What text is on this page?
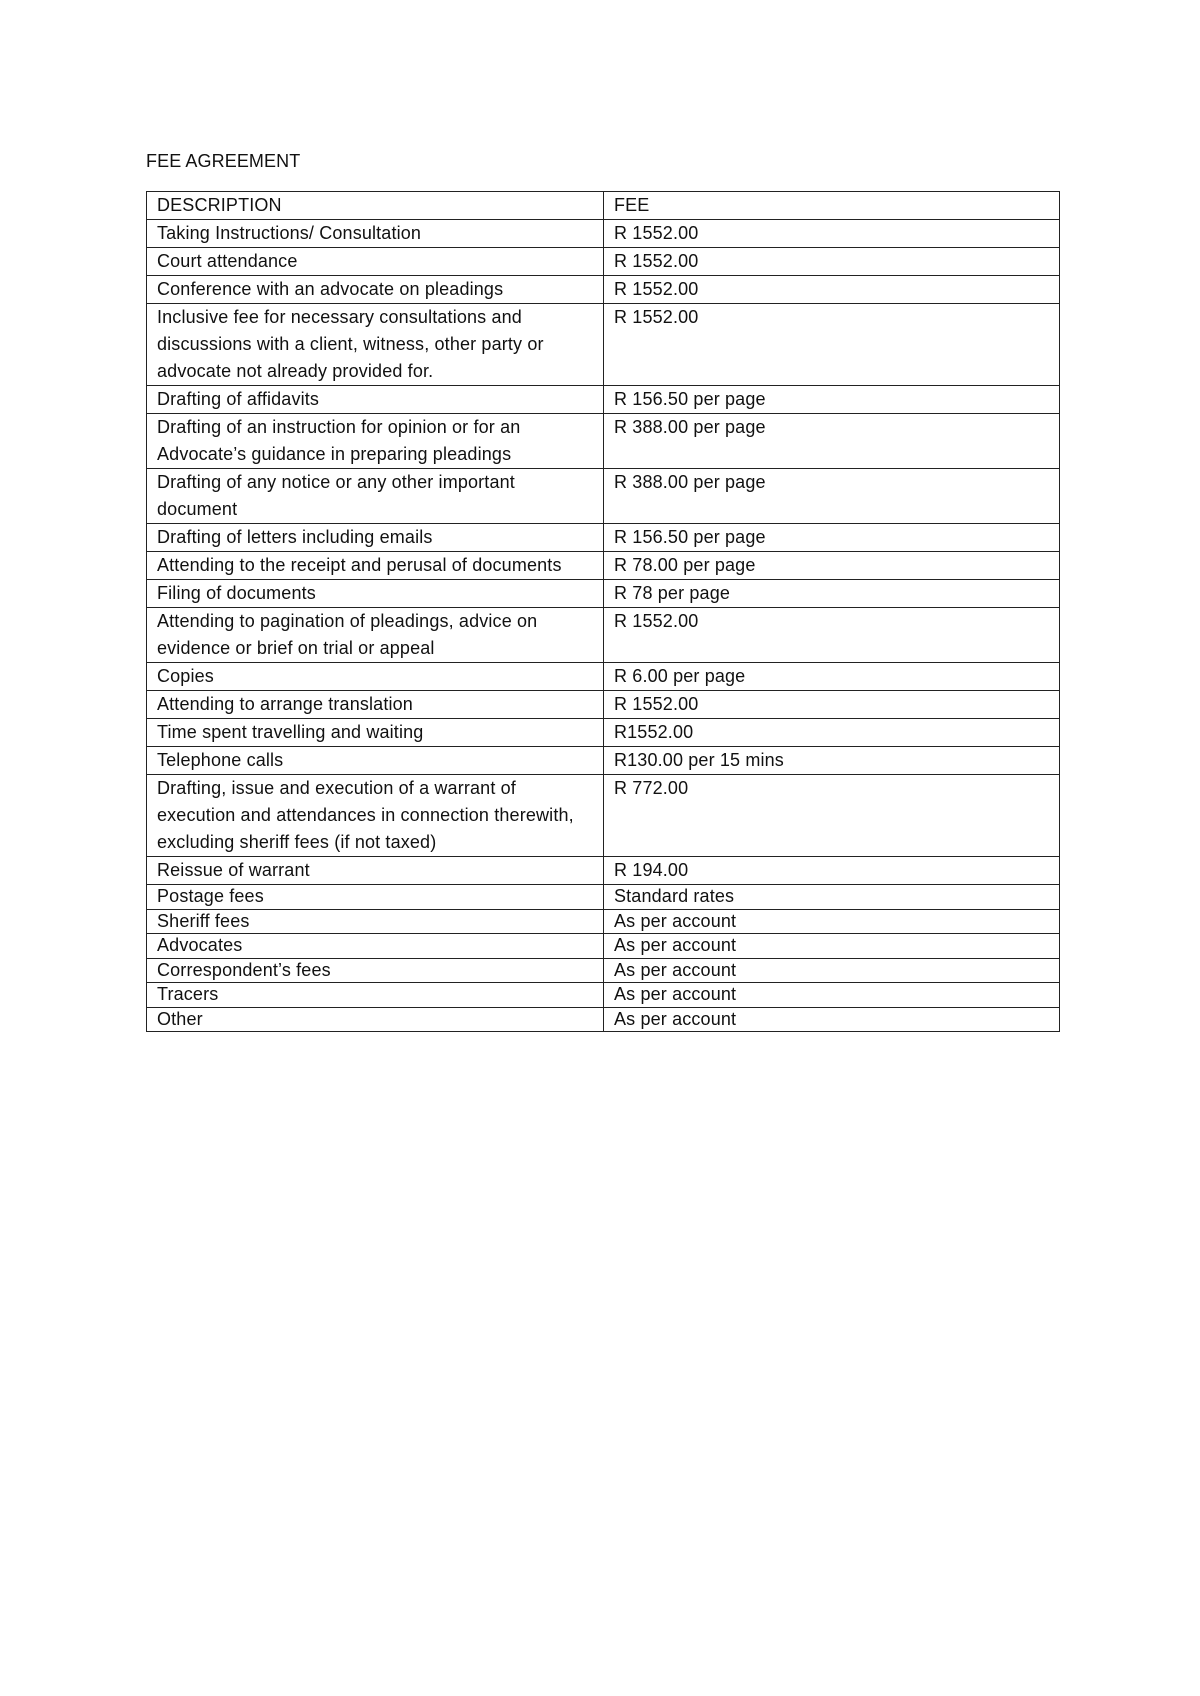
FEE AGREEMENT
DESCRIPTION	FEE
Taking Instructions/ Consultation	R 1552.00
Court attendance	R 1552.00
Conference with an advocate on pleadings	R 1552.00
Inclusive fee for necessary consultations and discussions with a client, witness, other party or advocate not already provided for.	R 1552.00
Drafting of affidavits	R 156.50 per page
Drafting of an instruction for opinion or for an Advocate’s guidance in preparing pleadings	R 388.00 per page
Drafting of any notice or any other important document	R 388.00 per page
Drafting of letters including emails	R 156.50 per page
Attending to the receipt and perusal of documents	R 78.00 per page
Filing of documents	R 78 per page
Attending to pagination of pleadings, advice on evidence or brief on trial or appeal	R 1552.00
Copies	R 6.00 per page
Attending to arrange translation	R 1552.00
Time spent travelling and waiting	R1552.00
Telephone calls	R130.00 per 15 mins
Drafting, issue and execution of a warrant of execution and attendances in connection therewith, excluding sheriff fees (if not taxed)	R 772.00
Reissue of warrant	R 194.00
Postage fees	Standard rates
Sheriff fees	As per account
Advocates	As per account
Correspondent’s fees	As per account
Tracers	As per account
Other	As per account
